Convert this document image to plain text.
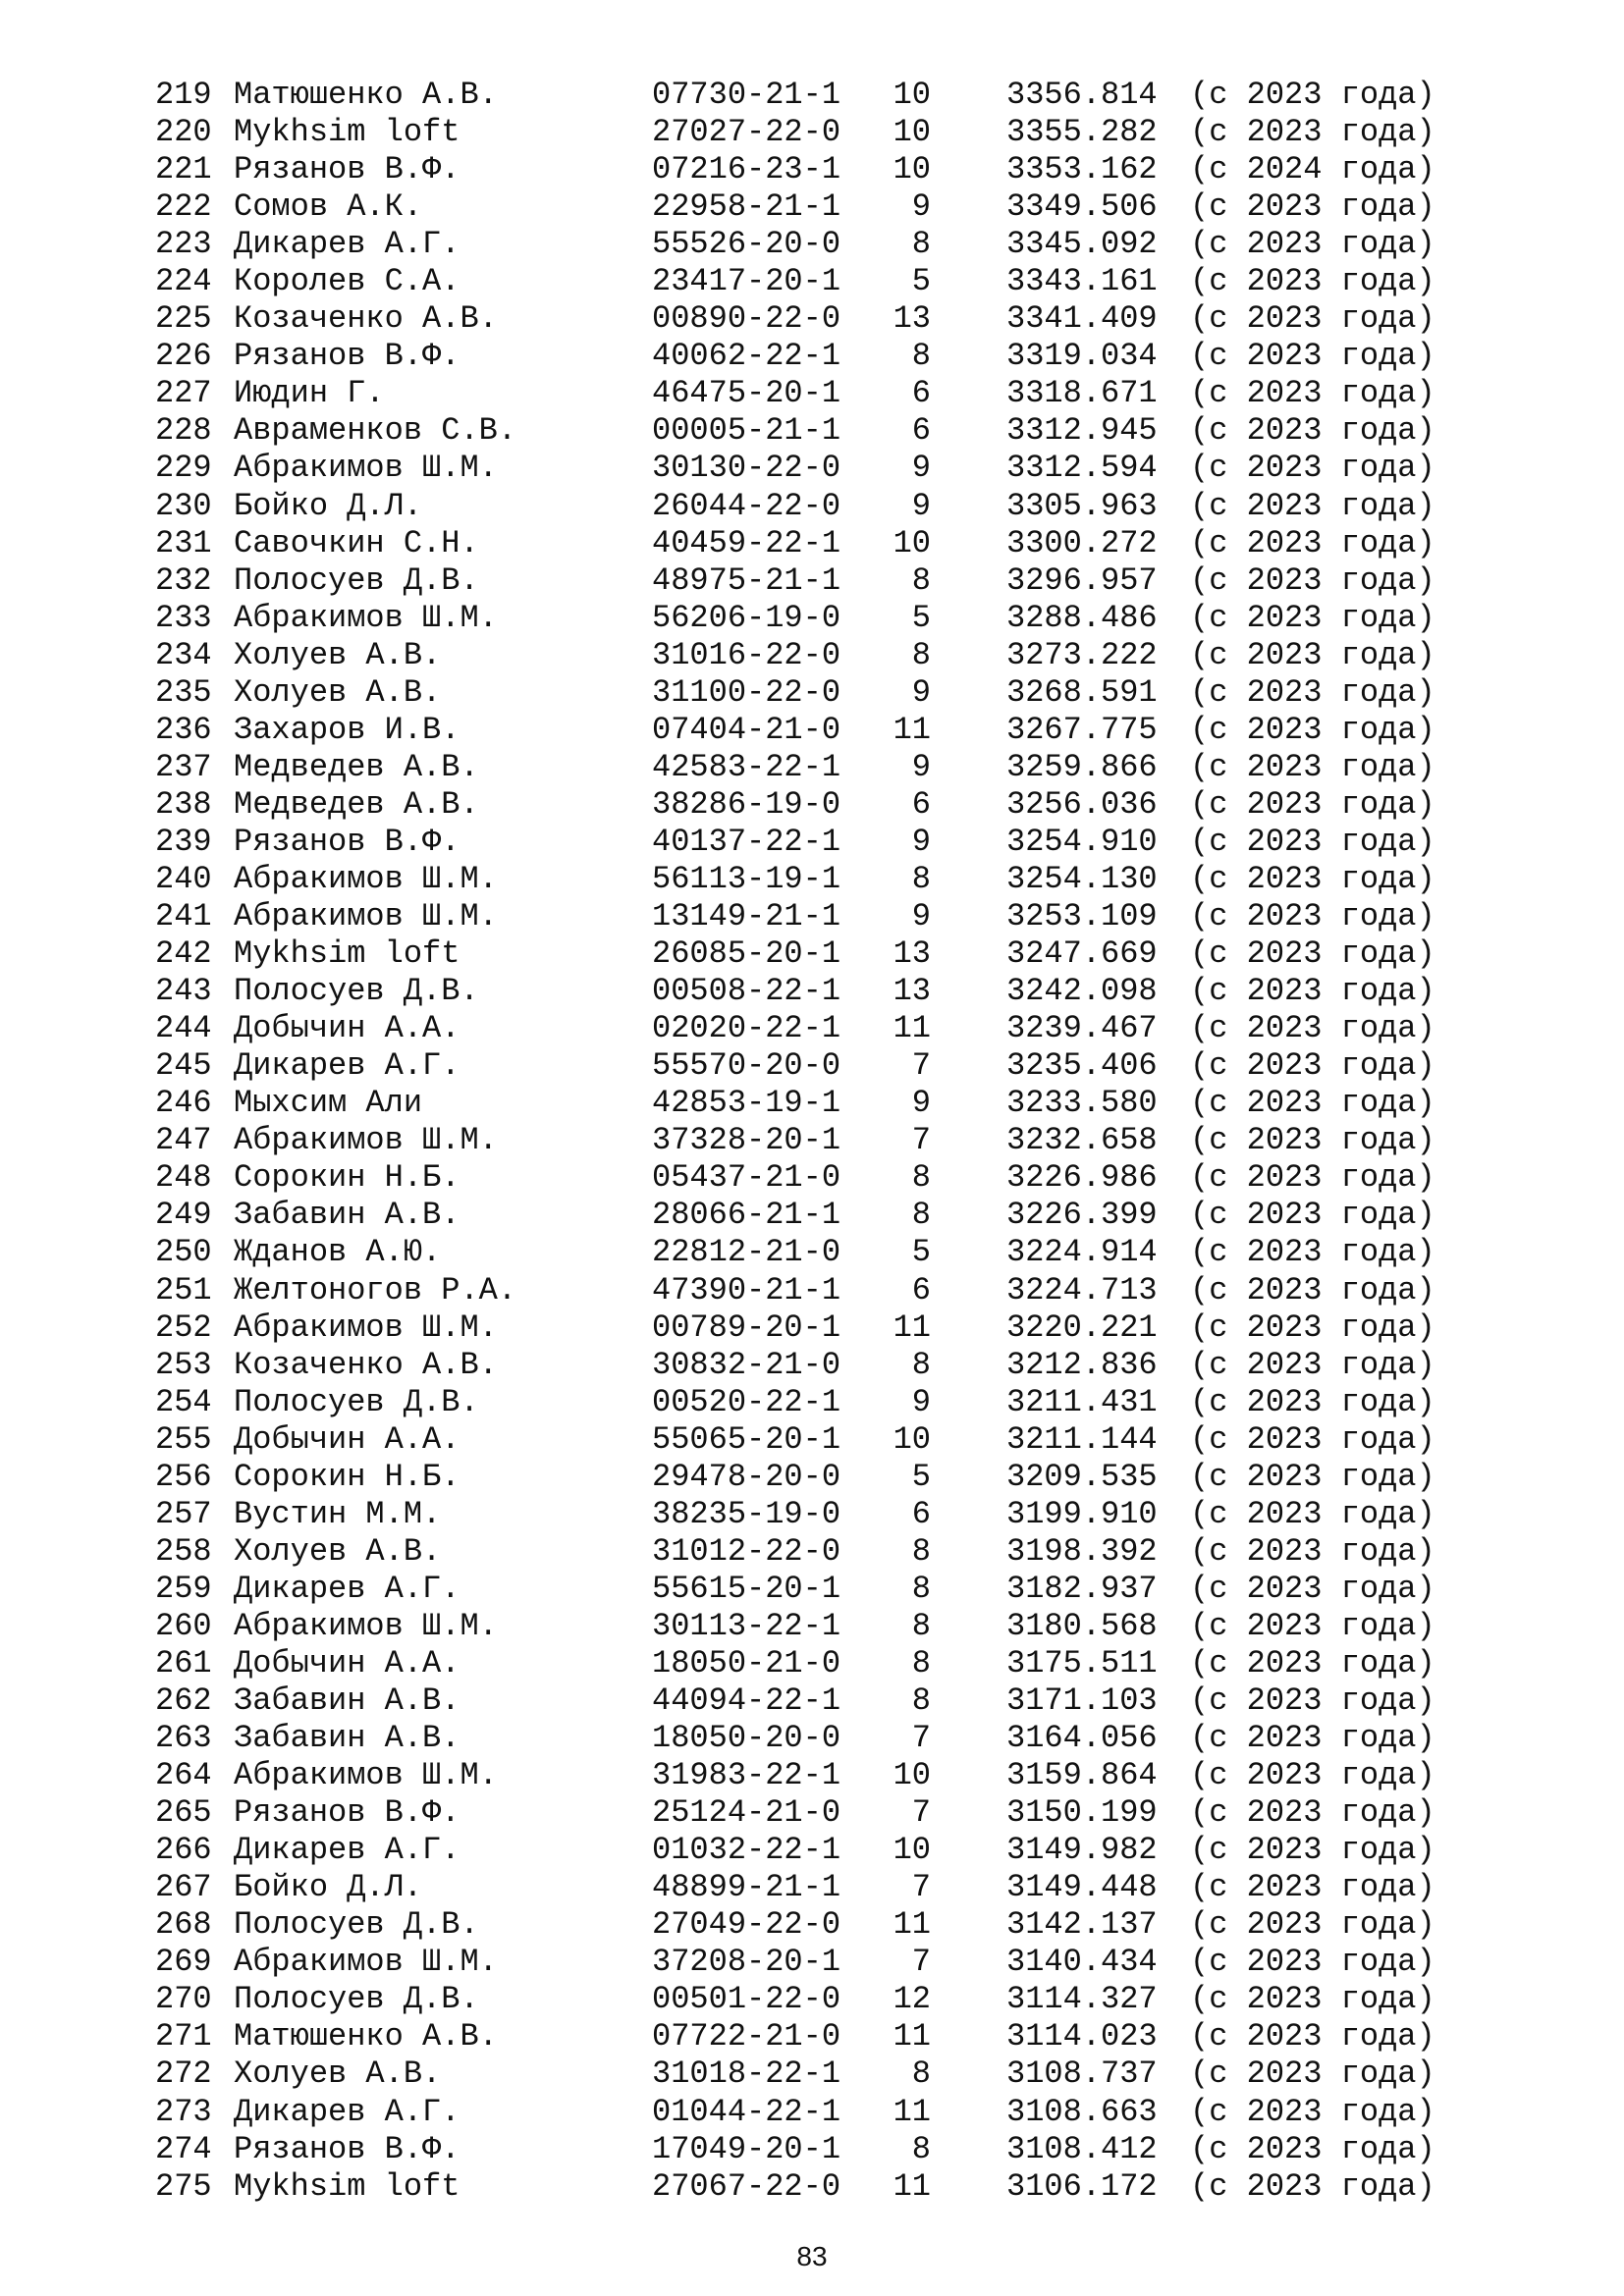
219 Матюшенко А.В.	07730-21-1	10 3356.814 (с 2023 года)
220 Mykhsim loft	27027-22-0	10 3355.282 (с 2023 года)
221 Рязанов В.Ф.	07216-23-1	10 3353.162 (с 2024 года)
222 Сомов А.К.	22958-21-1	9 3349.506 (с 2023 года)
223 Дикарев А.Г.	55526-20-0	8 3345.092 (с 2023 года)
224 Королев С.А.	23417-20-1	5 3343.161 (с 2023 года)
225 Козаченко А.В.	00890-22-0	13 3341.409 (с 2023 года)
226 Рязанов В.Ф.	40062-22-1	8 3319.034 (с 2023 года)
227 Июдин Г.	46475-20-1	6 3318.671 (с 2023 года)
228 Авраменков С.В.	00005-21-1	6 3312.945 (с 2023 года)
229 Абракимов Ш.М.	30130-22-0	9 3312.594 (с 2023 года)
230 Бойко Д.Л.	26044-22-0	9 3305.963 (с 2023 года)
231 Савочкин С.Н.	40459-22-1	10 3300.272 (с 2023 года)
232 Полосуев Д.В.	48975-21-1	8 3296.957 (с 2023 года)
233 Абракимов Ш.М.	56206-19-0	5 3288.486 (с 2023 года)
234 Холуев А.В.	31016-22-0	8 3273.222 (с 2023 года)
235 Холуев А.В.	31100-22-0	9 3268.591 (с 2023 года)
236 Захаров И.В.	07404-21-0	11 3267.775 (с 2023 года)
237 Медведев А.В.	42583-22-1	9 3259.866 (с 2023 года)
238 Медведев А.В.	38286-19-0	6 3256.036 (с 2023 года)
239 Рязанов В.Ф.	40137-22-1	9 3254.910 (с 2023 года)
240 Абракимов Ш.М.	56113-19-1	8 3254.130 (с 2023 года)
241 Абракимов Ш.М.	13149-21-1	9 3253.109 (с 2023 года)
242 Mykhsim loft	26085-20-1	13 3247.669 (с 2023 года)
243 Полосуев Д.В.	00508-22-1	13 3242.098 (с 2023 года)
244 Добычин А.А.	02020-22-1	11 3239.467 (с 2023 года)
245 Дикарев А.Г.	55570-20-0	7 3235.406 (с 2023 года)
246 Мыхсим Али	42853-19-1	9 3233.580 (с 2023 года)
247 Абракимов Ш.М.	37328-20-1	7 3232.658 (с 2023 года)
248 Сорокин Н.Б.	05437-21-0	8 3226.986 (с 2023 года)
249 Забавин А.В.	28066-21-1	8 3226.399 (с 2023 года)
250 Жданов А.Ю.	22812-21-0	5 3224.914 (с 2023 года)
251 Желтоногов Р.А.	47390-21-1	6 3224.713 (с 2023 года)
252 Абракимов Ш.М.	00789-20-1	11 3220.221 (с 2023 года)
253 Козаченко А.В.	30832-21-0	8 3212.836 (с 2023 года)
254 Полосуев Д.В.	00520-22-1	9 3211.431 (с 2023 года)
255 Добычин А.А.	55065-20-1	10 3211.144 (с 2023 года)
256 Сорокин Н.Б.	29478-20-0	5 3209.535 (с 2023 года)
257 Вустин М.М.	38235-19-0	6 3199.910 (с 2023 года)
258 Холуев А.В.	31012-22-0	8 3198.392 (с 2023 года)
259 Дикарев А.Г.	55615-20-1	8 3182.937 (с 2023 года)
260 Абракимов Ш.М.	30113-22-1	8 3180.568 (с 2023 года)
261 Добычин А.А.	18050-21-0	8 3175.511 (с 2023 года)
262 Забавин А.В.	44094-22-1	8 3171.103 (с 2023 года)
263 Забавин А.В.	18050-20-0	7 3164.056 (с 2023 года)
264 Абракимов Ш.М.	31983-22-1	10 3159.864 (с 2023 года)
265 Рязанов В.Ф.	25124-21-0	7 3150.199 (с 2023 года)
266 Дикарев А.Г.	01032-22-1	10 3149.982 (с 2023 года)
267 Бойко Д.Л.	48899-21-1	7 3149.448 (с 2023 года)
268 Полосуев Д.В.	27049-22-0	11 3142.137 (с 2023 года)
269 Абракимов Ш.М.	37208-20-1	7 3140.434 (с 2023 года)
270 Полосуев Д.В.	00501-22-0	12 3114.327 (с 2023 года)
271 Матюшенко А.В.	07722-21-0	11 3114.023 (с 2023 года)
272 Холуев А.В.	31018-22-1	8 3108.737 (с 2023 года)
273 Дикарев А.Г.	01044-22-1	11 3108.663 (с 2023 года)
274 Рязанов В.Ф.	17049-20-1	8 3108.412 (с 2023 года)
275 Mykhsim loft	27067-22-0	11 3106.172 (с 2023 года)
83
